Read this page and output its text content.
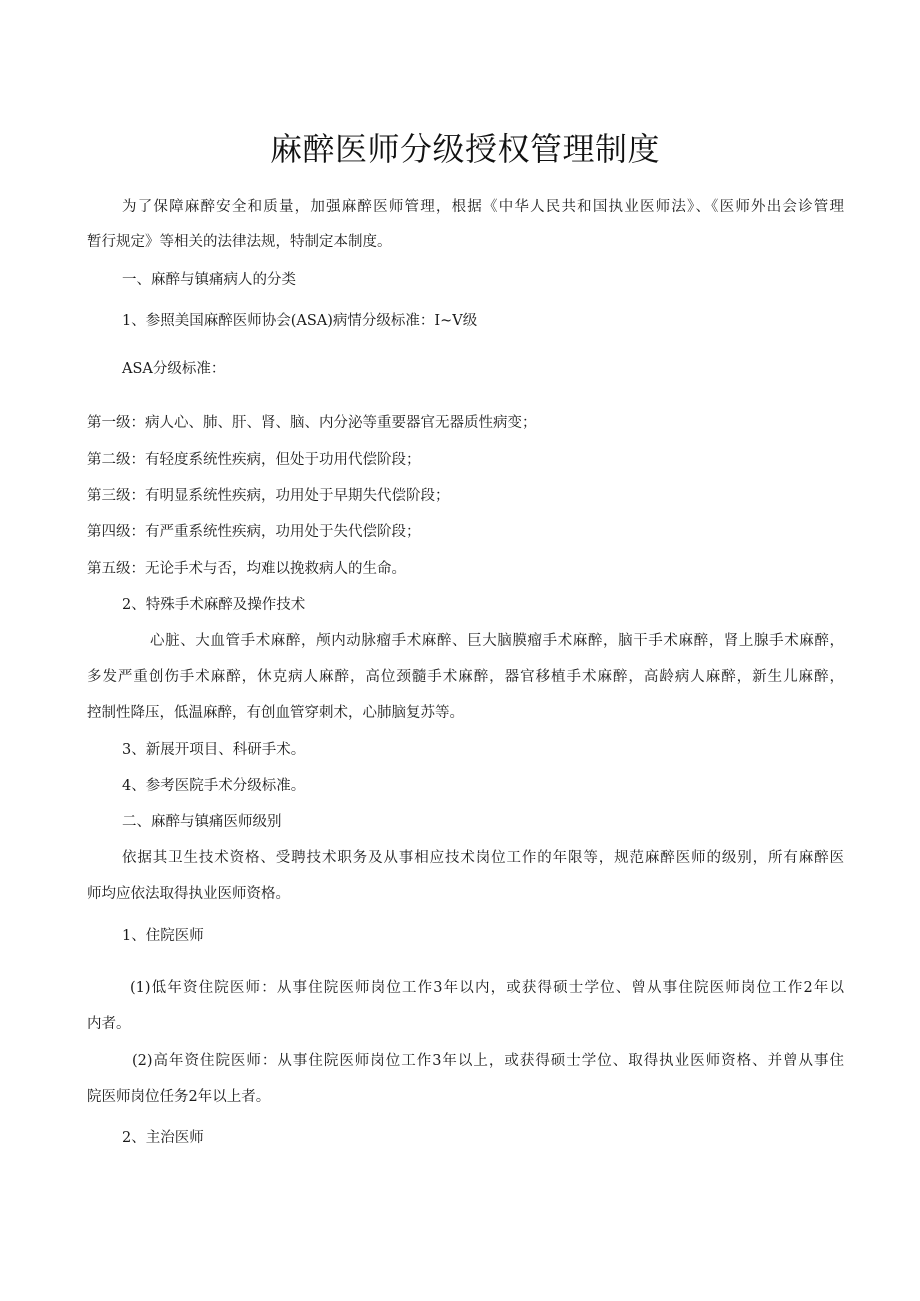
麻醉医师分级授权管理制度
为了保障麻醉安全和质量，加强麻醉医师管理，根据《中华人民共和国执业医师法》、《医师外出会诊管理
暂行规定》等相关的法律法规，特制定本制度。
一、麻醉与镇痛病人的分类
1、参照美国麻醉医师协会(ASA)病情分级标准：I~V级
ASA分级标准：
第一级：病人心、肺、肝、肾、脑、内分泌等重要器官无器质性病变；
第二级：有轻度系统性疾病，但处于功用代偿阶段；
第三级：有明显系统性疾病，功用处于早期失代偿阶段；
第四级：有严重系统性疾病，功用处于失代偿阶段；
第五级：无论手术与否，均难以挽救病人的生命。
2、特殊手术麻醉及操作技术
心脏、大血管手术麻醉，颅内动脉瘤手术麻醉、巨大脑膜瘤手术麻醉，脑干手术麻醉，肾上腺手术麻醉，
多发严重创伤手术麻醉，休克病人麻醉，高位颈髓手术麻醉，器官移植手术麻醉，高龄病人麻醉，新生儿麻醉，
控制性降压，低温麻醉，有创血管穿刺术，心肺脑复苏等。
3、新展开项目、科研手术。
4、参考医院手术分级标准。
二、麻醉与镇痛医师级别
依据其卫生技术资格、受聘技术职务及从事相应技术岗位工作的年限等，规范麻醉医师的级别，所有麻醉医
师均应依法取得执业医师资格。
1、住院医师
(1)低年资住院医师：从事住院医师岗位工作3年以内，或获得硕士学位、曾从事住院医师岗位工作2年以
内者。
(2)高年资住院医师：从事住院医师岗位工作3年以上，或获得硕士学位、取得执业医师资格、并曾从事住
院医师岗位任务2年以上者。
2、主治医师
